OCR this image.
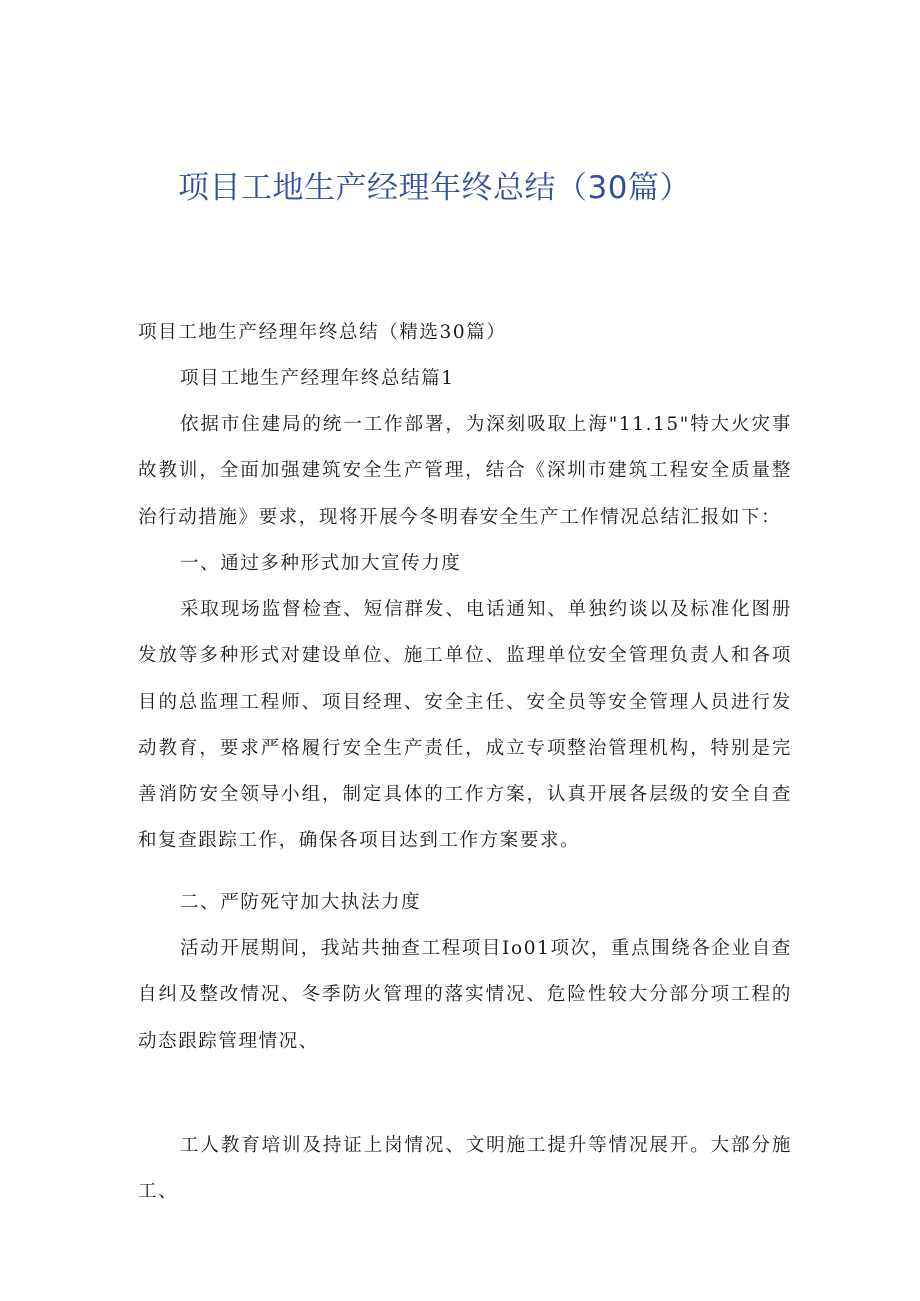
项目工地生产经理年终总结（30篇）

项目工地生产经理年终总结（精选30篇）

项目工地生产经理年终总结篇1

依据市住建局的统一工作部署，为深刻吸取上海"11.15"特大火灾事故教训，全面加强建筑安全生产管理，结合《深圳市建筑工程安全质量整治行动措施》要求，现将开展今冬明春安全生产工作情况总结汇报如下：

一、通过多种形式加大宣传力度

采取现场监督检查、短信群发、电话通知、单独约谈以及标准化图册发放等多种形式对建设单位、施工单位、监理单位安全管理负责人和各项目的总监理工程师、项目经理、安全主任、安全员等安全管理人员进行发动教育，要求严格履行安全生产责任，成立专项整治管理机构，特别是完善消防安全领导小组，制定具体的工作方案，认真开展各层级的安全自查和复查跟踪工作，确保各项目达到工作方案要求。

二、严防死守加大执法力度

活动开展期间，我站共抽查工程项目Io01项次，重点围绕各企业自查自纠及整改情况、冬季防火管理的落实情况、危险性较大分部分项工程的动态跟踪管理情况、

工人教育培训及持证上岗情况、文明施工提升等情况展开。大部分施工、
